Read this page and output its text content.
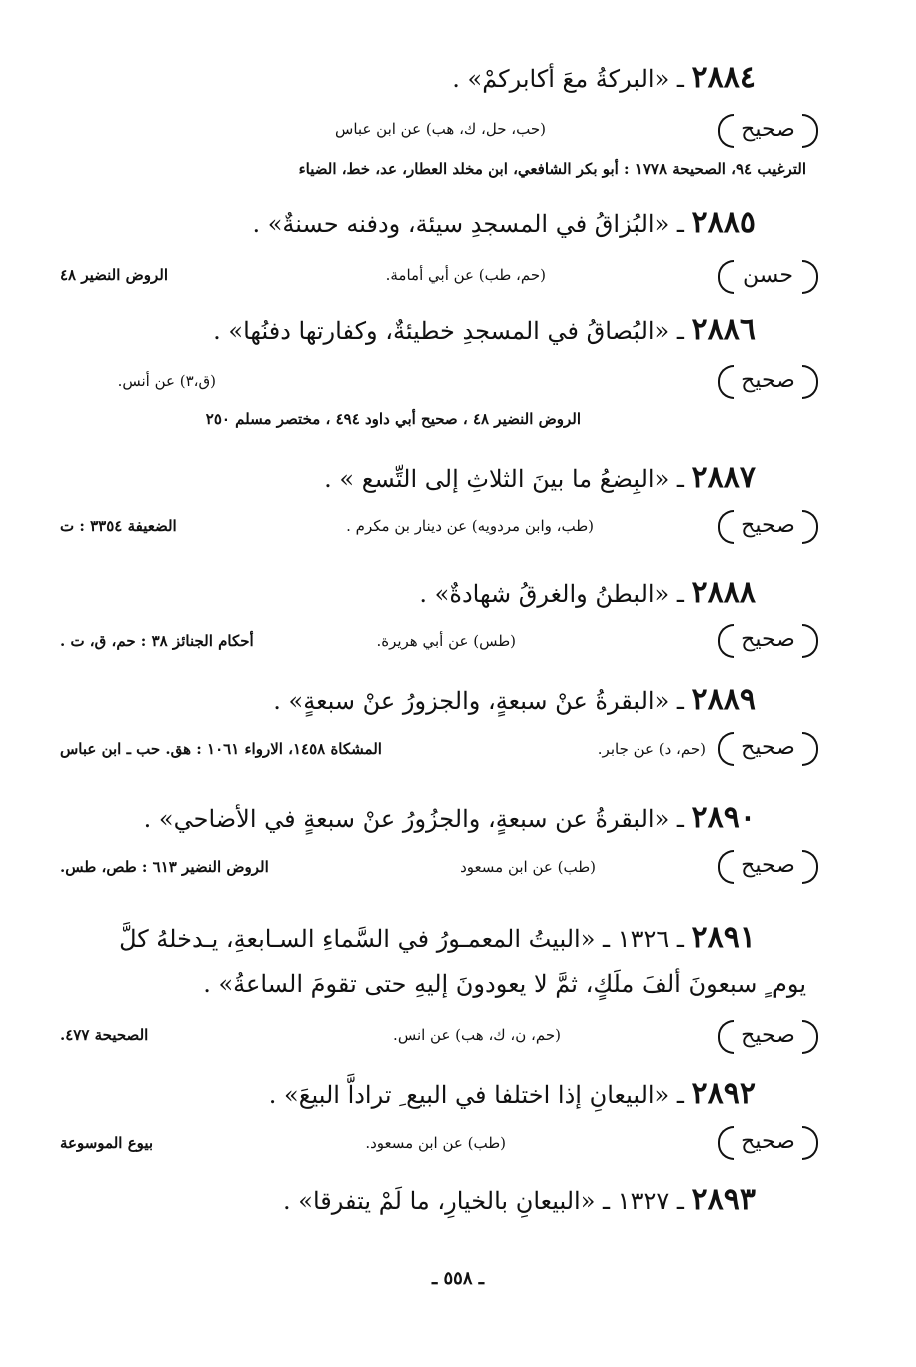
٢٨٨٤ ـ «البركةُ معَ أكابركمْ» .
صحيح
(حب، حل، ك، هب) عن ابن عباس
الترغيب ٩٤، الصحيحة ١٧٧٨ : أبو بكر الشافعي، ابن مخلد العطار، عد، خط، الضياء
٢٨٨٥ ـ «البُزاقُ في المسجدِ سيئة، ودفنه حسنةٌ» .
حسن
(حم، طب) عن أبي أمامة.
الروض النضير ٤٨
٢٨٨٦ ـ «البُصاقُ في المسجدِ خطيئةٌ، وكفارتها دفنُها» .
صحيح
(ق،٣) عن أنس.
الروض النضير ٤٨ ، صحيح أبي داود ٤٩٤ ، مختصر مسلم ٢٥٠
٢٨٨٧ ـ «البِضعُ ما بينَ الثلاثِ إلى التِّسع » .
صحيح
(طب، وابن مردويه) عن دينار بن مكرم .
الضعيفة ٣٣٥٤ : ت
٢٨٨٨ ـ «البطنُ والغرقُ شهادةٌ» .
صحيح
(طس) عن أبي هريرة.
أحكام الجنائز ٣٨ : حم، ق، ت .
٢٨٨٩ ـ «البقرةُ عنْ سبعةٍ، والجزورُ عنْ سبعةٍ» .
صحيح
(حم، د) عن جابر.
المشكاة ١٤٥٨، الارواء ١٠٦١ : هق. حب ـ ابن عباس
٢٨٩٠ ـ «البقرةُ عن سبعةٍ، والجزُورُ عنْ سبعةٍ في الأضاحي» .
صحيح
(طب) عن ابن مسعود
الروض النضير ٦١٣ : طص، طس.
٢٨٩١ ـ ١٣٢٦ ـ «البيتُ المعمـورُ في السَّماءِ السـابعةِ، يـدخلهُ كلَّ
يوم ٍ سبعونَ ألفَ ملَكٍ، ثمَّ لا يعودونَ إليهِ حتى تقومَ الساعةُ» .
صحيح
(حم، ن، ك، هب) عن انس.
الصحيحة ٤٧٧.
٢٨٩٢ ـ «البيعانِ إذا اختلفا في البيع ِ تراداَّ البيعَ» .
صحيح
(طب) عن ابن مسعود.
بيوع الموسوعة
٢٨٩٣ ـ ١٣٢٧ ـ «البيعانِ بالخيارِ، ما لَمْ يتفرقا» .
ـ ٥٥٨ ـ
